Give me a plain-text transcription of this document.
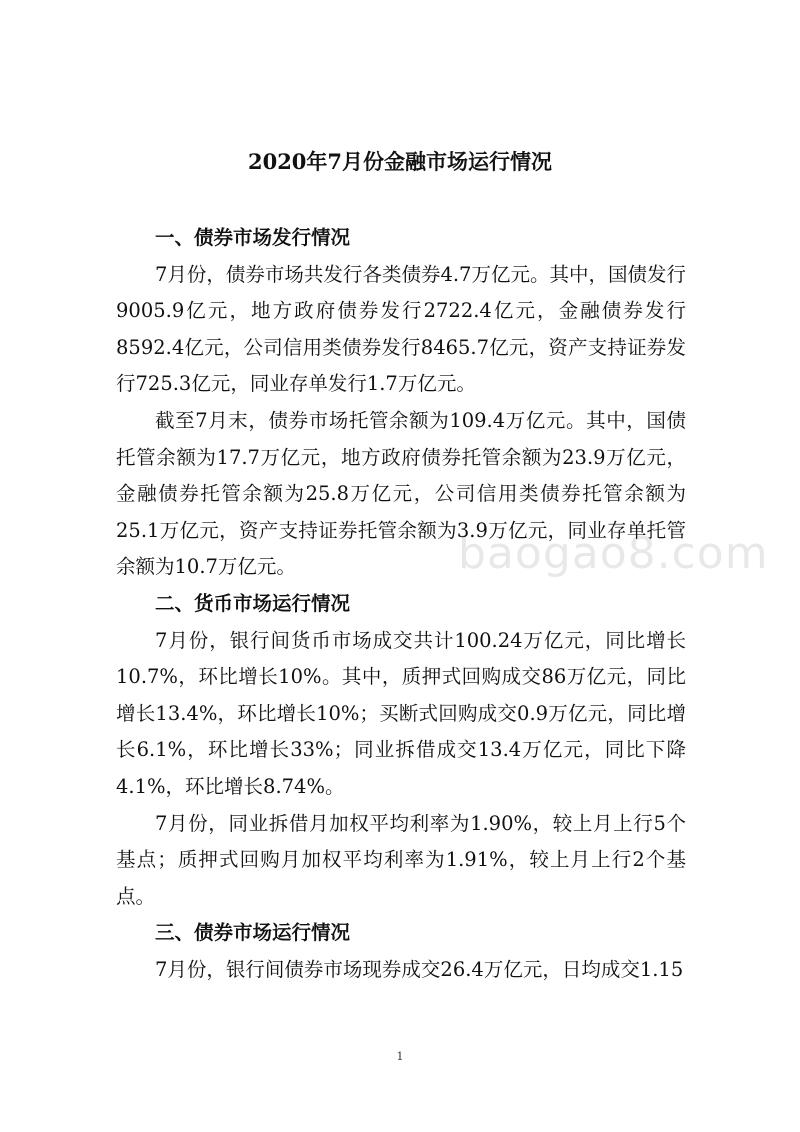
2020年7月份金融市场运行情况

一、债券市场发行情况

7月份，债券市场共发行各类债券4.7万亿元。其中，国债发行9005.9亿元，地方政府债券发行2722.4亿元，金融债券发行8592.4亿元，公司信用类债券发行8465.7亿元，资产支持证券发行725.3亿元，同业存单发行1.7万亿元。

截至7月末，债券市场托管余额为109.4万亿元。其中，国债托管余额为17.7万亿元，地方政府债券托管余额为23.9万亿元，金融债券托管余额为25.8万亿元，公司信用类债券托管余额为25.1万亿元，资产支持证券托管余额为3.9万亿元，同业存单托管余额为10.7万亿元。

二、货币市场运行情况

7月份，银行间货币市场成交共计100.24万亿元，同比增长10.7%，环比增长10%。其中，质押式回购成交86万亿元，同比增长13.4%，环比增长10%；买断式回购成交0.9万亿元，同比增长6.1%，环比增长33%；同业拆借成交13.4万亿元，同比下降4.1%，环比增长8.74%。

7月份，同业拆借月加权平均利率为1.90%，较上月上行5个基点；质押式回购月加权平均利率为1.91%，较上月上行2个基点。

三、债券市场运行情况

7月份，银行间债券市场现券成交26.4万亿元，日均成交1.15

baogao8.com
1
